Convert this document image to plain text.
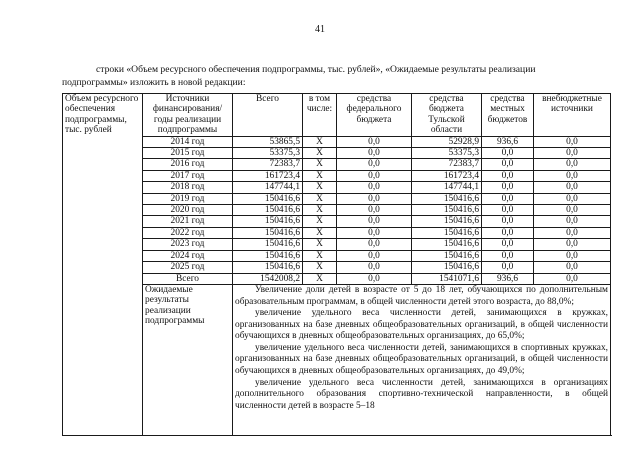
41
строки «Объем ресурсного обеспечения подпрограммы, тыс. рублей», «Ожидаемые результаты реализации
подпрограммы» изложить в новой редакции:
Объем ресурсного обеспечения подпрограммы, тыс. рублей	Источники финансирования/ годы реализации подпрограммы	Всего	в том числе:	средства федерального бюджета	средства бюджета Тульской области	средства местных бюджетов	внебюджетные источники
	2014 год	53865,5	Х	0,0	52928,9	936,6	0,0
	2015 год	53375,3	Х	0,0	53375,3	0,0	0,0
	2016 год	72383,7	Х	0,0	72383,7	0,0	0,0
	2017 год	161723,4	Х	0,0	161723,4	0,0	0,0
	2018 год	147744,1	Х	0,0	147744,1	0,0	0,0
	2019 год	150416,6	Х	0,0	150416,6	0,0	0,0
	2020 год	150416,6	Х	0,0	150416,6	0,0	0,0
	2021 год	150416,6	Х	0,0	150416,6	0,0	0,0
	2022 год	150416,6	Х	0,0	150416,6	0,0	0,0
	2023 год	150416,6	Х	0,0	150416,6	0,0	0,0
	2024 год	150416,6	Х	0,0	150416,6	0,0	0,0
	2025 год	150416,6	Х	0,0	150416,6	0,0	0,0
	Всего	1542008,2	Х	0,0	1541071,6	936,6	0,0
	Ожидаемые результаты реализации подпрограммы	Увеличение доли детей в возрасте от 5 до 18 лет, обучающихся по дополнительным образовательным программам, в общей численности детей этого возраста, до 88,0%;

увеличение удельного веса численности детей, занимающихся в кружках, организованных на базе дневных общеобразовательных организаций, в общей численности обучающихся в дневных общеобразовательных организациях, до 65,0%;

увеличение удельного веса численности детей, занимающихся в спортивных кружках, организованных на базе дневных общеобразовательных организаций, в общей численности обучающихся в дневных общеобразовательных организациях, до 49,0%;

увеличение удельного веса численности детей, занимающихся в организациях дополнительного образования спортивно-технической направленности, в общей численности детей в возрасте 5–18					
